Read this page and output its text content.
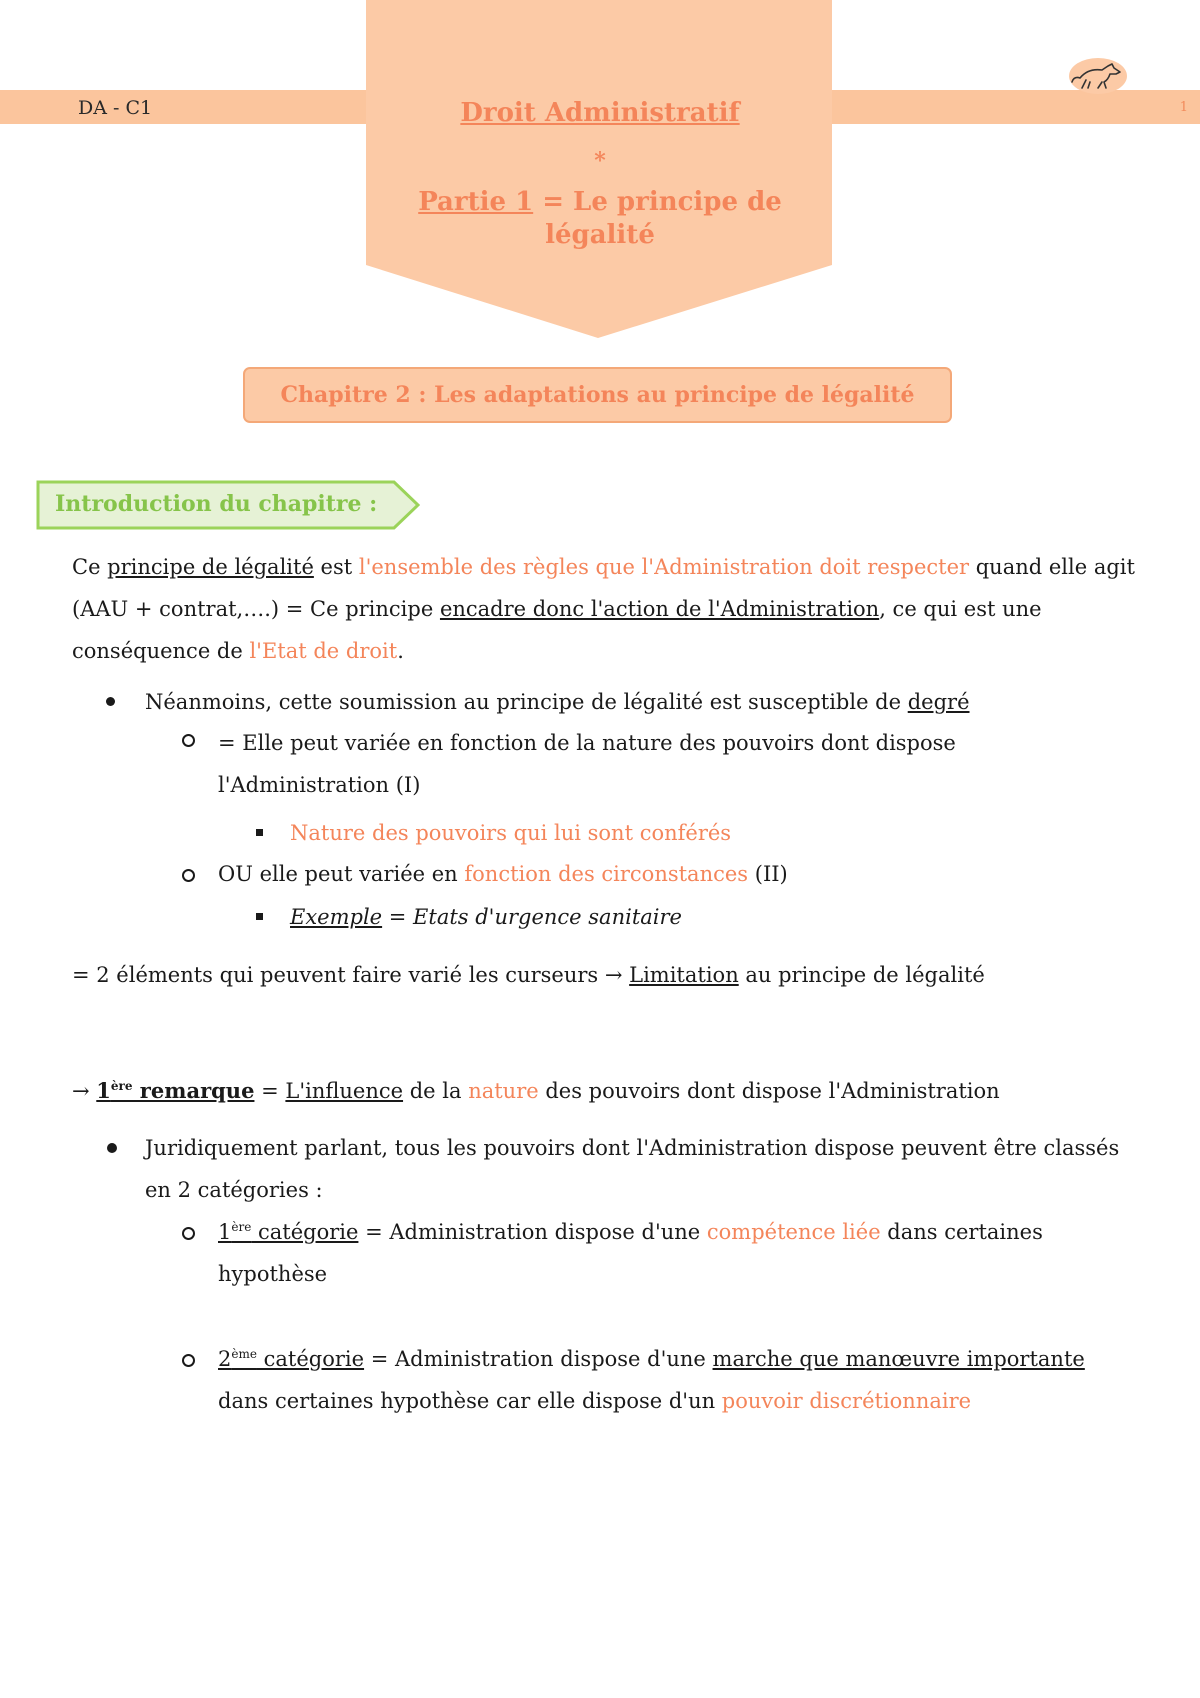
DA - C1	1
Droit Administratif
*
Partie 1 = Le principe de
légalité
Chapitre 2 : Les adaptations au principe de légalité
Introduction du chapitre :
Ce principe de légalité est l'ensemble des règles que l'Administration doit respecter quand elle agit
(AAU + contrat,….) = Ce principe encadre donc l'action de l'Administration, ce qui est une
conséquence de l'Etat de droit.
Néanmoins, cette soumission au principe de légalité est susceptible de degré
= Elle peut variée en fonction de la nature des pouvoirs dont dispose
l'Administration (I)
Nature des pouvoirs qui lui sont conférés
OU elle peut variée en fonction des circonstances (II)
Exemple = Etats d'urgence sanitaire
= 2 éléments qui peuvent faire varié les curseurs → Limitation au principe de légalité
→ 1ère remarque = L'influence de la nature des pouvoirs dont dispose l'Administration
Juridiquement parlant, tous les pouvoirs dont l'Administration dispose peuvent être classés
en 2 catégories :
1ère catégorie = Administration dispose d'une compétence liée dans certaines
hypothèse
2ème catégorie = Administration dispose d'une marche que manœuvre importante
dans certaines hypothèse car elle dispose d'un pouvoir discrétionnaire
